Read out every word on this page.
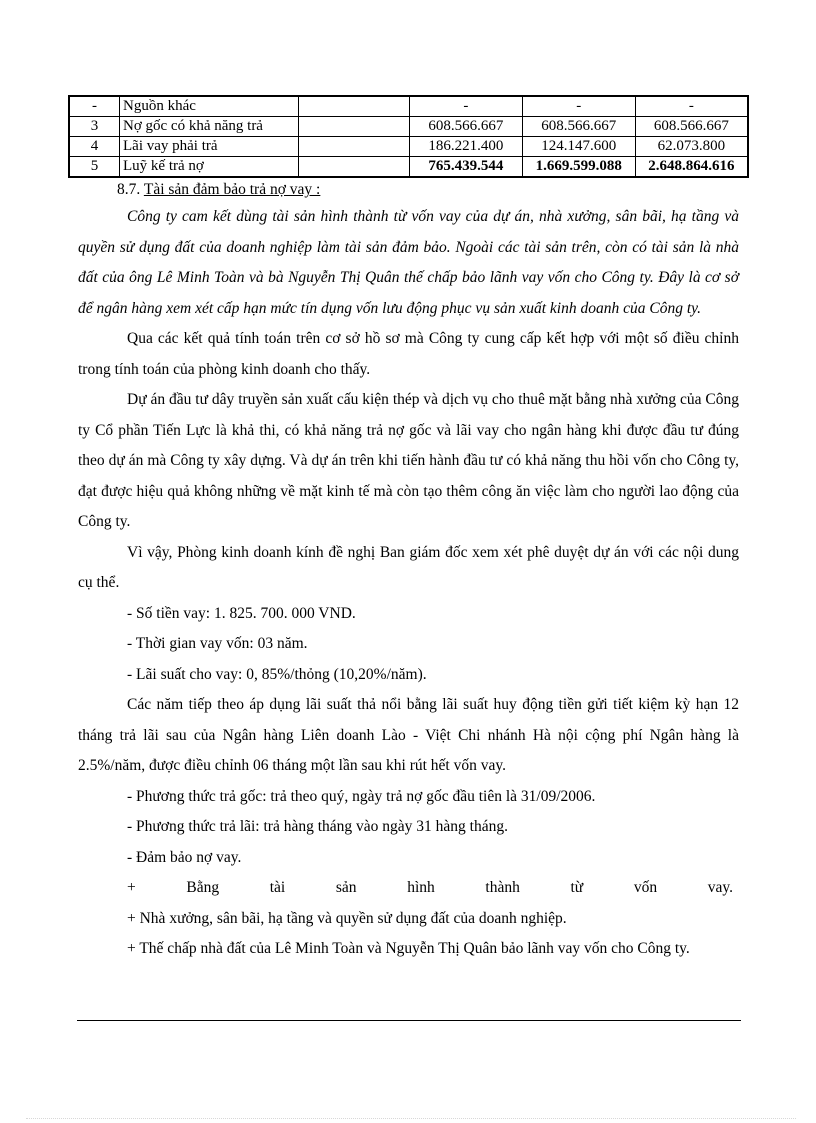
-	Nguồn khác		-	-	-
3	Nợ gốc có khả năng trả		608.566.667	608.566.667	608.566.667
4	Lãi vay phải trả		186.221.400	124.147.600	62.073.800
5	Luỹ kế trả nợ		765.439.544	1.669.599.088	2.648.864.616
8.7. Tài sản đảm bảo trả nợ vay :

Công ty cam kết dùng tài sản hình thành từ vốn vay của dự án, nhà xưởng, sân bãi, hạ tầng và quyền sử dụng đất của doanh nghiệp làm tài sản đảm bảo. Ngoài các tài sản trên, còn có tài sản là nhà đất của ông Lê Minh Toàn và bà Nguyễn Thị Quân thế chấp bảo lãnh vay vốn cho Công ty. Đây là cơ sở để ngân hàng xem xét cấp hạn mức tín dụng vốn lưu động phục vụ sản xuất kinh doanh của Công ty.

Qua các kết quả tính toán trên cơ sở hồ sơ mà Công ty cung cấp kết hợp với một số điều chỉnh trong tính toán của phòng kinh doanh cho thấy.

Dự án đầu tư dây truyền sản xuất cấu kiện thép và dịch vụ cho thuê mặt bằng nhà xưởng của Công ty Cổ phần Tiến Lực là khả thi, có khả năng trả nợ gốc và lãi vay cho ngân hàng khi được đầu tư đúng theo dự án mà Công ty xây dựng. Và dự án trên khi tiến hành đầu tư có khả năng thu hồi vốn cho Công ty, đạt được hiệu quả không những về mặt kinh tế mà còn tạo thêm công ăn việc làm cho người lao động của Công ty.

Vì vậy, Phòng kinh doanh kính đề nghị Ban giám đốc xem xét phê duyệt dự án với các nội dung cụ thể.

- Số tiền vay: 1. 825. 700. 000 VND.

- Thời gian vay vốn: 03 năm.

- Lãi suất cho vay: 0, 85%/thỏng (10,20%/năm).

Các năm tiếp theo áp dụng lãi suất thả nổi bằng lãi suất huy động tiền gửi tiết kiệm kỳ hạn 12 tháng trả lãi sau của Ngân hàng Liên doanh Lào - Việt Chi nhánh Hà nội cộng phí Ngân hàng là 2.5%/năm, được điều chỉnh 06 tháng một lần sau khi rút hết vốn vay.

- Phương thức trả gốc: trả theo quý, ngày trả nợ gốc đầu tiên là 31/09/2006.

- Phương thức trả lãi: trả hàng tháng vào ngày 31 hàng tháng.

- Đảm bảo nợ vay.

+	Bằng	tài	sản	hình	thành	từ	vốn	vay.

+ Nhà xưởng, sân bãi, hạ tầng và quyền sử dụng đất của doanh nghiệp.

+ Thế chấp nhà đất của Lê Minh Toàn và Nguyễn Thị Quân bảo lãnh vay vốn cho Công ty.
